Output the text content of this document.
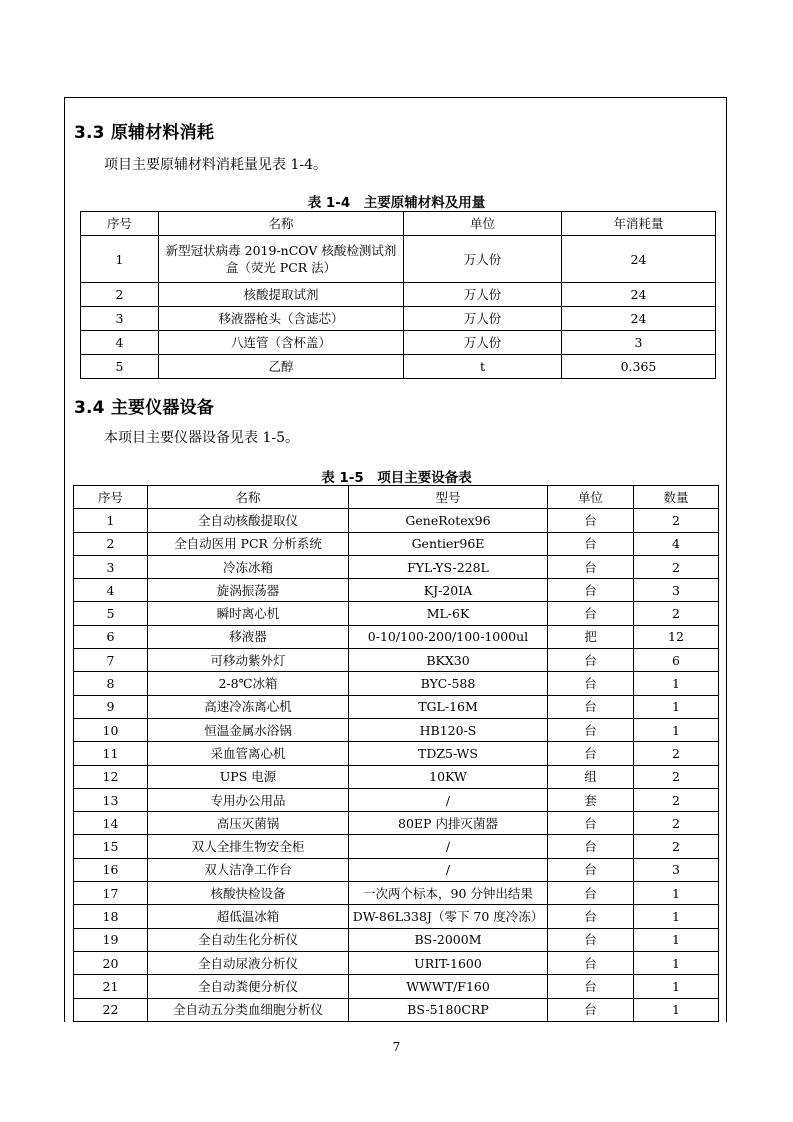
3.3 原辅材料消耗
项目主要原辅材料消耗量见表 1-4。
表 1-4　主要原辅材料及用量
序号	名称	单位	年消耗量
1	新型冠状病毒 2019-nCOV 核酸检测试剂盒（荧光 PCR 法）	万人份	24
2	核酸提取试剂	万人份	24
3	移液器枪头（含滤芯）	万人份	24
4	八连管（含杯盖）	万人份	3
5	乙醇	t	0.365
3.4 主要仪器设备
本项目主要仪器设备见表 1-5。
表 1-5　项目主要设备表
序号	名称	型号	单位	数量
1	全自动核酸提取仪	GeneRotex96	台	2
2	全自动医用 PCR 分析系统	Gentier96E	台	4
3	冷冻冰箱	FYL-YS-228L	台	2
4	旋涡振荡器	KJ-20IA	台	3
5	瞬时离心机	ML-6K	台	2
6	移液器	0-10/100-200/100-1000ul	把	12
7	可移动紫外灯	BKX30	台	6
8	2-8℃冰箱	BYC-588	台	1
9	高速冷冻离心机	TGL-16M	台	1
10	恒温金属水浴锅	HB120-S	台	1
11	采血管离心机	TDZ5-WS	台	2
12	UPS 电源	10KW	组	2
13	专用办公用品	/	套	2
14	高压灭菌锅	80EP 内排灭菌器	台	2
15	双人全排生物安全柜	/	台	2
16	双人洁净工作台	/	台	3
17	核酸快检设备	一次两个标本，90 分钟出结果	台	1
18	超低温冰箱	DW-86L338J（零下 70 度冷冻）	台	1
19	全自动生化分析仪	BS-2000M	台	1
20	全自动尿液分析仪	URIT-1600	台	1
21	全自动粪便分析仪	WWWT/F160	台	1
22	全自动五分类血细胞分析仪	BS-5180CRP	台	1
7
